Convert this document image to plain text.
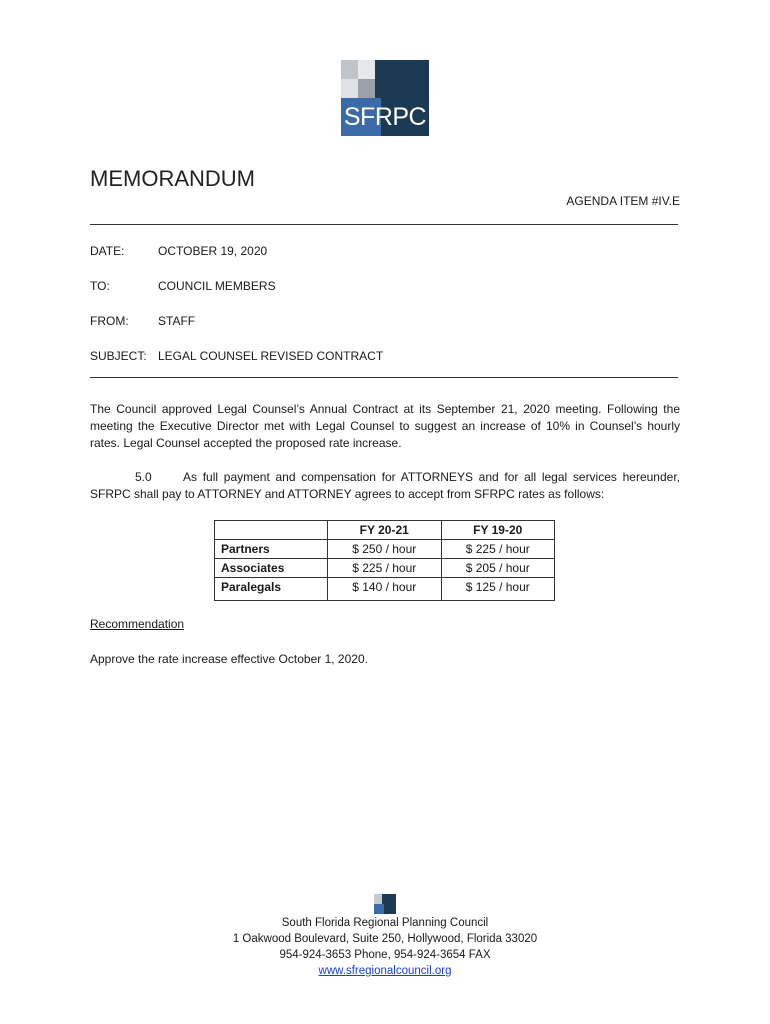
SFRPC
MEMORANDUM
AGENDA ITEM #IV.E
DATE:	OCTOBER 19, 2020
TO:	COUNCIL MEMBERS
FROM: STAFF
SUBJECT: LEGAL COUNSEL REVISED CONTRACT
The Council approved Legal Counsel’s Annual Contract at its September 21, 2020 meeting. Following the meeting the Executive Director met with Legal Counsel to suggest an increase of 10% in Counsel’s hourly rates. Legal Counsel accepted the proposed rate increase.
5.0	As full payment and compensation for ATTORNEYS and for all legal services hereunder, SFRPC shall pay to ATTORNEY and ATTORNEY agrees to accept from SFRPC rates as follows:
	FY 20-21	FY 19-20
Partners	$ 250 / hour	$ 225 / hour
Associates	$ 225 / hour	$ 205 / hour
Paralegals	$ 140 / hour	$ 125 / hour
Recommendation
Approve the rate increase effective October 1, 2020.
South Florida Regional Planning Council
1 Oakwood Boulevard, Suite 250, Hollywood, Florida 33020
954-924-3653 Phone, 954-924-3654 FAX
www.sfregionalcouncil.org
